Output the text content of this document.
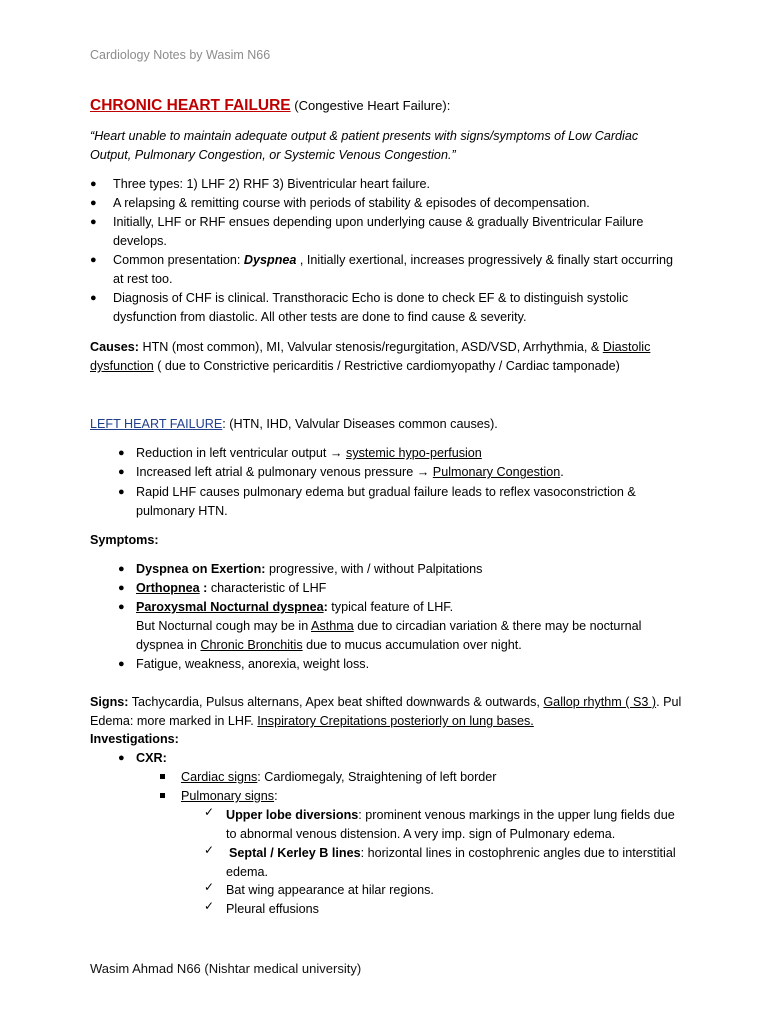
Cardiology Notes by Wasim N66
CHRONIC HEART FAILURE (Congestive Heart Failure):
“Heart unable to maintain adequate output & patient presents with signs/symptoms of Low Cardiac
Output, Pulmonary Congestion, or Systemic Venous Congestion.”
● Three types: 1) LHF 2) RHF 3) Biventricular heart failure.
● A relapsing & remitting course with periods of stability & episodes of decompensation.
● Initially, LHF or RHF ensues depending upon underlying cause & gradually Biventricular Failure
develops.
● Common presentation: Dyspnea , Initially exertional, increases progressively & finally start occurring
at rest too.
● Diagnosis of CHF is clinical. Transthoracic Echo is done to check EF & to distinguish systolic
dysfunction from diastolic. All other tests are done to find cause & severity.
Causes: HTN (most common), MI, Valvular stenosis/regurgitation, ASD/VSD, Arrhythmia, & Diastolic
dysfunction ( due to Constrictive pericarditis / Restrictive cardiomyopathy / Cardiac tamponade)
LEFT HEART FAILURE: (HTN, IHD, Valvular Diseases common causes).
● Reduction in left ventricular output → systemic hypo-perfusion
● Increased left atrial & pulmonary venous pressure → Pulmonary Congestion.
● Rapid LHF causes pulmonary edema but gradual failure leads to reflex vasoconstriction &
pulmonary HTN.
Symptoms:
● Dyspnea on Exertion: progressive, with / without Palpitations
● Orthopnea : characteristic of LHF
● Paroxysmal Nocturnal dyspnea: typical feature of LHF.
But Nocturnal cough may be in Asthma due to circadian variation & there may be nocturnal
dyspnea in Chronic Bronchitis due to mucus accumulation over night.
● Fatigue, weakness, anorexia, weight loss.
Signs: Tachycardia, Pulsus alternans, Apex beat shifted downwards & outwards, Gallop rhythm ( S3 ). Pul
Edema: more marked in LHF. Inspiratory Crepitations posteriorly on lung bases.
Investigations:
● CXR:
Cardiac signs: Cardiomegaly, Straightening of left border
Pulmonary signs:
✓ Upper lobe diversions: prominent venous markings in the upper lung fields due
to abnormal venous distension. A very imp. sign of Pulmonary edema.
✓ Septal / Kerley B lines: horizontal lines in costophrenic angles due to interstitial
edema.
✓ Bat wing appearance at hilar regions.
✓ Pleural effusions
Wasim Ahmad N66 (Nishtar medical university)
